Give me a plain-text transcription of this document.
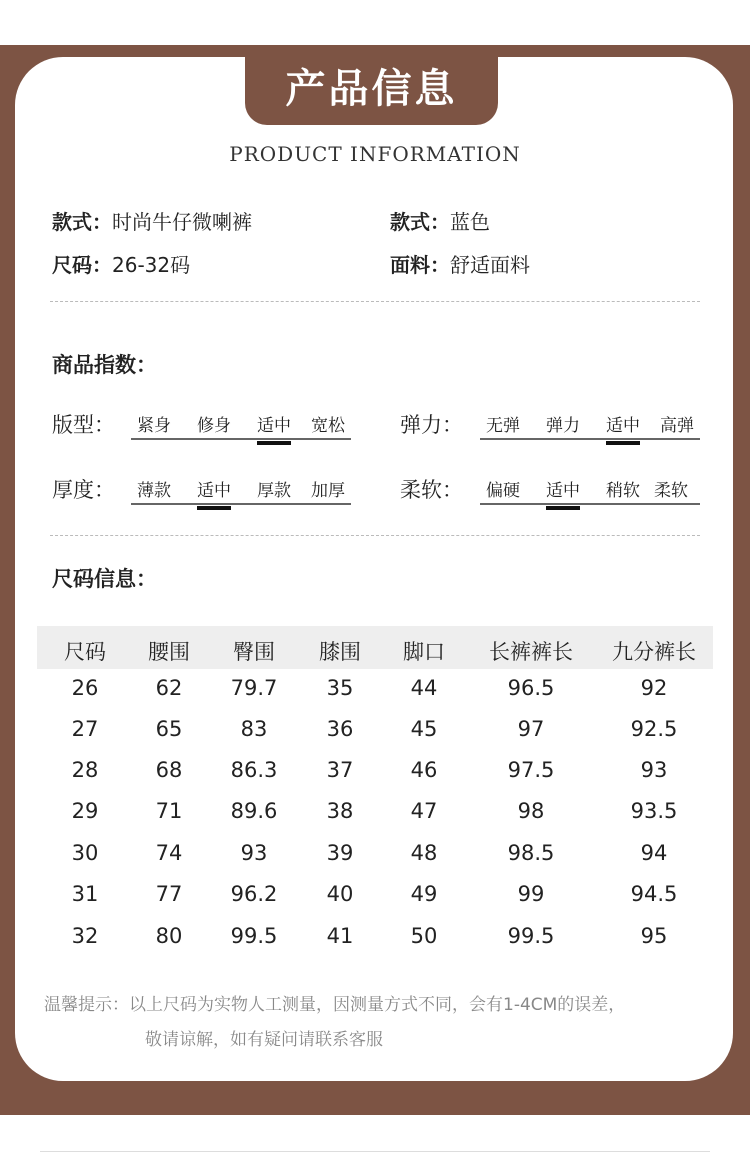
产品信息
PRODUCT INFORMATION
款式：时尚牛仔微喇裤	款式：蓝色
尺码：26-32码	面料：舒适面料
商品指数：
版型： 紧身 修身 适中 宽松	弹力： 无弹 弹力 适中 高弹
厚度： 薄款 适中 厚款 加厚	柔软： 偏硬 适中 稍软 柔软
尺码信息：
尺码 腰围 臀围 膝围 脚口 长裤裤长 九分裤长
26	62 79.7 35	44	96.5	92
27	65	83	36	45	97	92.5
28	68 86.3 37	46	97.5	93
29	71 89.6 38	47	98	93.5
30	74	93	39	48	98.5	94
31	77 96.2 40	49	99	94.5
32	80 99.5 41	50	99.5	95
温馨提示：以上尺码为实物人工测量，因测量方式不同，会有1-4CM的误差，
敬请谅解，如有疑问请联系客服
